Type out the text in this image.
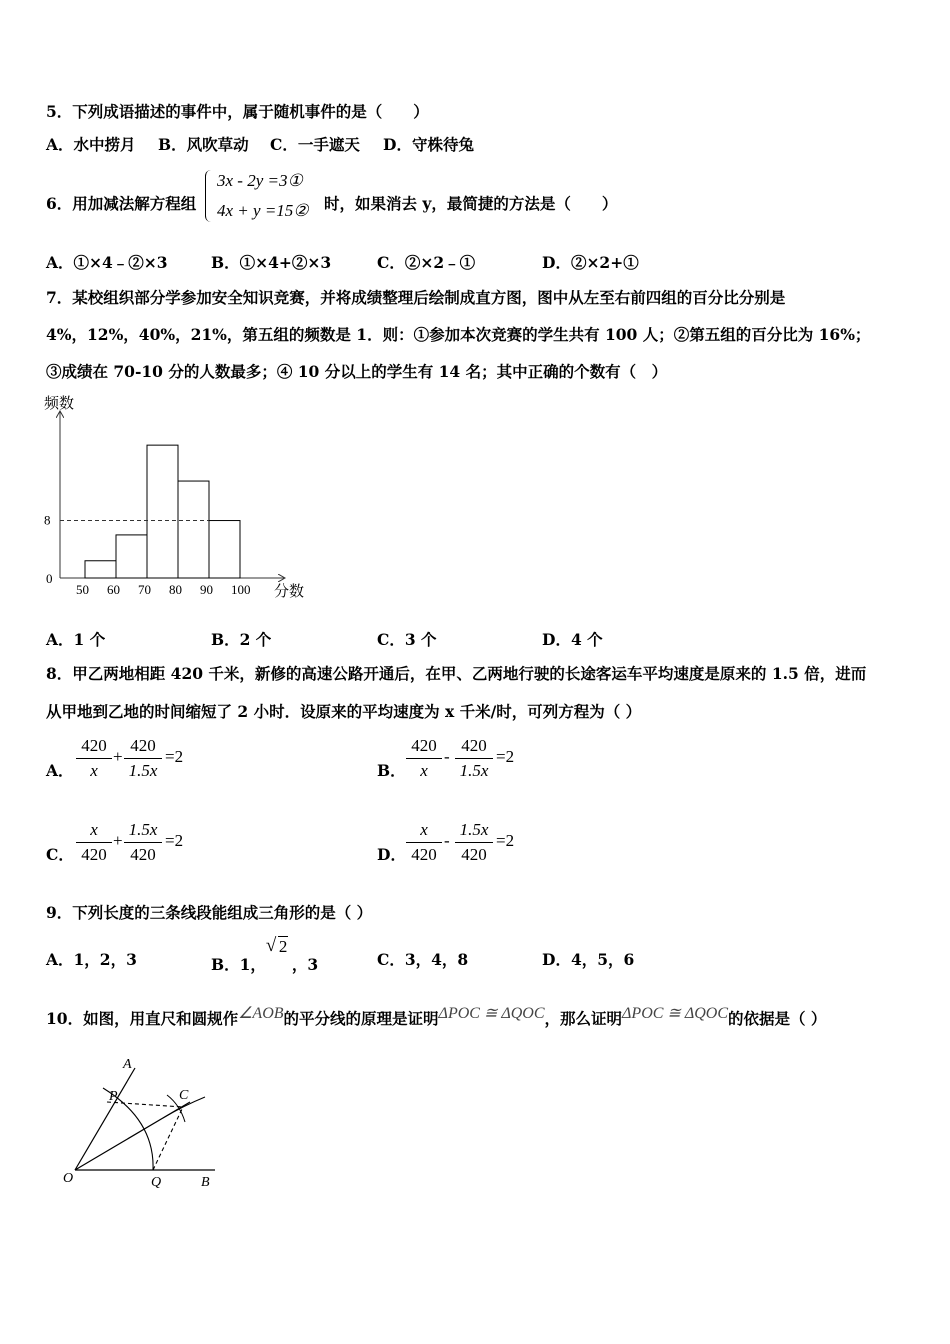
5．下列成语描述的事件中，属于随机事件的是（　　）
A．水中捞月 B．风吹草动 C．一手遮天 D．守株待兔
6．用加减法解方程组
3x - 2y =3①
4x + y =15② 时，如果消去 y，最简捷的方法是（　　）
A．①×4﹣②×3	B．①×4+②×3	C．②×2﹣①	D．②×2+①
7．某校组织部分学参加安全知识竞赛，并将成绩整理后绘制成直方图，图中从左至右前四组的百分比分别是
4%，12%，40%，21%，第五组的频数是 1．则：①参加本次竞赛的学生共有 100 人；②第五组的百分比为 16%；
③成绩在 70-10 分的人数最多；④ 10 分以上的学生有 14 名；其中正确的个数有（　）
50 60 70 80 90 100
频数
分数
0
8
A．1 个	B．2 个	C．3 个	D．4 个
8．甲乙两地相距 420 千米，新修的高速公路开通后，在甲、乙两地行驶的长途客运车平均速度是原来的 1.5 倍，进而
从甲地到乙地的时间缩短了 2 小时．设原来的平均速度为 x 千米/时，可列方程为（ ）
A．
420
x
+
420
1.5x
=2
B．
420
x
-
420
1.5x
=2
C．
x
420
+
1.5x
420
=2
D．
x
420
-
1.5x
420
=2
9．下列长度的三条线段能组成三角形的是（ ）
A．1，2，3	B．1，
√ 2
，3	C．3，4，8	D．4，5，6
10．如图，用直尺和圆规作∠AOB的平分线的原理是证明ΔPOC ≅ ΔQOC，那么证明ΔPOC ≅ ΔQOC的依据是（ ）
A
P	C
O	Q	B
